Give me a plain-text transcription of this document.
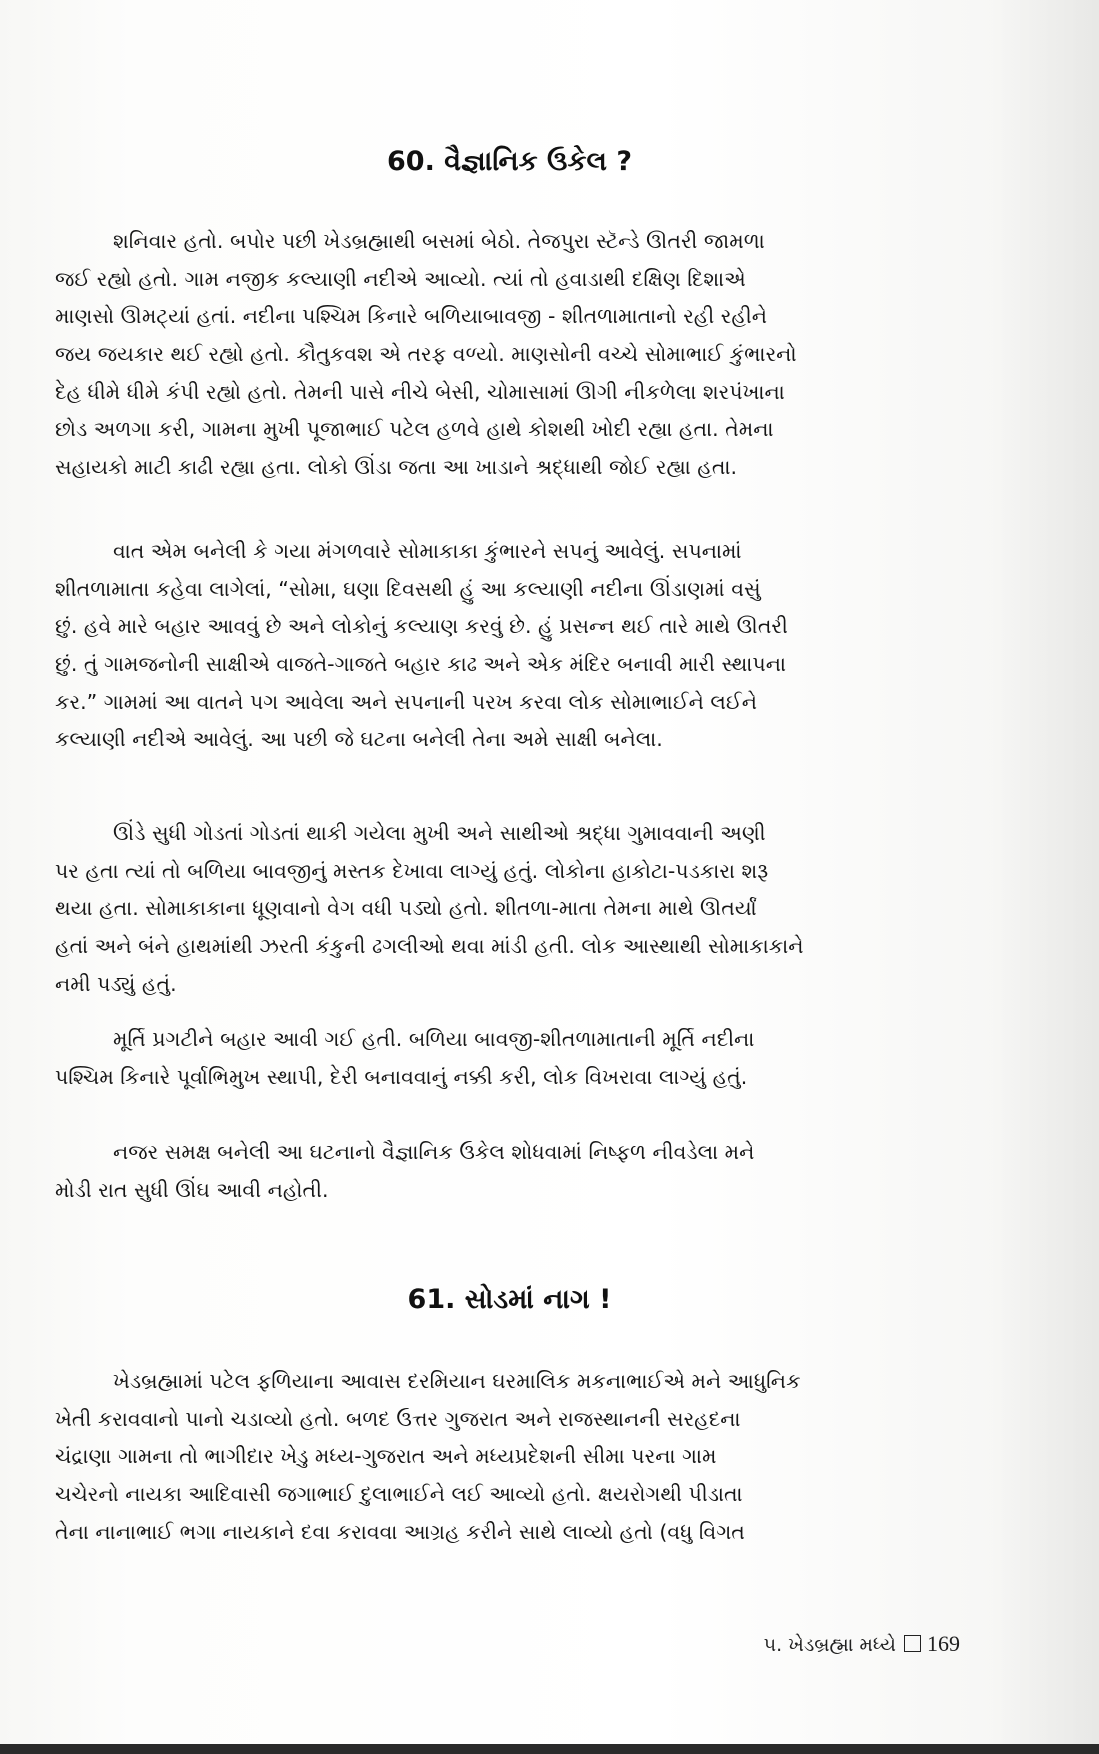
60. વૈજ્ઞાનિક ઉકેલ ?
શનિવાર હતો. બપોર પછી ખેડબ્રહ્માથી બસમાં બેઠો. તેજપુરા સ્ટૅન્ડે ઊતરી જામળા
જઈ રહ્યો હતો. ગામ નજીક કલ્યાણી નદીએ આવ્યો. ત્યાં તો હવાડાથી દક્ષિણ દિશાએ
માણસો ઊમટ્યાં હતાં. નદીના પશ્ચિમ કિનારે બળિયાબાવજી - શીતળામાતાનો રહી રહીને
જય જયકાર થઈ રહ્યો હતો. કૌતુકવશ એ તરફ વળ્યો. માણસોની વચ્ચે સોમાભાઈ કુંભારનો
દેહ ધીમે ધીમે કંપી રહ્યો હતો. તેમની પાસે નીચે બેસી, ચોમાસામાં ઊગી નીકળેલા શરપંખાના
છોડ અળગા કરી, ગામના મુખી પૂજાભાઈ પટેલ હળવે હાથે કોશથી ખોદી રહ્યા હતા. તેમના
સહાયકો માટી કાઢી રહ્યા હતા. લોકો ઊંડા જતા આ ખાડાને શ્રદ્ધાથી જોઈ રહ્યા હતા.
વાત એમ બનેલી કે ગયા મંગળવારે સોમાકાકા કુંભારને સપનું આવેલું. સપનામાં
શીતળામાતા કહેવા લાગેલાં, “સોમા, ઘણા દિવસથી હું આ કલ્યાણી નદીના ઊંડાણમાં વસું
છું. હવે મારે બહાર આવવું છે અને લોકોનું કલ્યાણ કરવું છે. હું પ્રસન્ન થઈ તારે માથે ઊતરી
છું. તું ગામજનોની સાક્ષીએ વાજતે-ગાજતે બહાર કાઢ અને એક મંદિર બનાવી મારી સ્થાપના
કર.” ગામમાં આ વાતને પગ આવેલા અને સપનાની પરખ કરવા લોક સોમાભાઈને લઈને
કલ્યાણી નદીએ આવેલું. આ પછી જે ઘટના બનેલી તેના અમે સાક્ષી બનેલા.
ઊંડે સુધી ગોડતાં ગોડતાં થાકી ગયેલા મુખી અને સાથીઓ શ્રદ્ધા ગુમાવવાની અણી
પર હતા ત્યાં તો બળિયા બાવજીનું મસ્તક દેખાવા લાગ્યું હતું. લોકોના હાકોટા-પડકારા શરૂ
થયા હતા. સોમાકાકાના ધૂણવાનો વેગ વધી પડ્યો હતો. શીતળા-માતા તેમના માથે ઊતર્યાં
હતાં અને બંને હાથમાંથી ઝરતી કંકુની ઢગલીઓ થવા માંડી હતી. લોક આસ્થાથી સોમાકાકાને
નમી પડ્યું હતું.
મૂર્તિ પ્રગટીને બહાર આવી ગઈ હતી. બળિયા બાવજી-શીતળામાતાની મૂર્તિ નદીના
પશ્ચિમ કિનારે પૂર્વાભિમુખ સ્થાપી, દેરી બનાવવાનું નક્કી કરી, લોક વિખરાવા લાગ્યું હતું.
નજર સમક્ષ બનેલી આ ઘટનાનો વૈજ્ઞાનિક ઉકેલ શોધવામાં નિષ્ફળ નીવડેલા મને
મોડી રાત સુધી ઊંઘ આવી નહોતી.
61. સોડમાં નાગ !
ખેડબ્રહ્મામાં પટેલ ફળિયાના આવાસ દરમિયાન ઘરમાલિક મકનાભાઈએ મને આધુનિક
ખેતી કરાવવાનો પાનો ચડાવ્યો હતો. બળદ ઉત્તર ગુજરાત અને રાજસ્થાનની સરહદના
ચંદ્રાણા ગામના તો ભાગીદાર ખેડુ મધ્ય-ગુજરાત અને મધ્યપ્રદેશની સીમા પરના ગામ
ચચેરનો નાયકા આદિવાસી જગાભાઈ દુલાભાઈને લઈ આવ્યો હતો. ક્ષયરોગથી પીડાતા
તેના નાનાભાઈ ભગા નાયકાને દવા કરાવવા આગ્રહ કરીને સાથે લાવ્યો હતો (વધુ વિગત
૫. ખેડબ્રહ્મા મધ્યે 169
